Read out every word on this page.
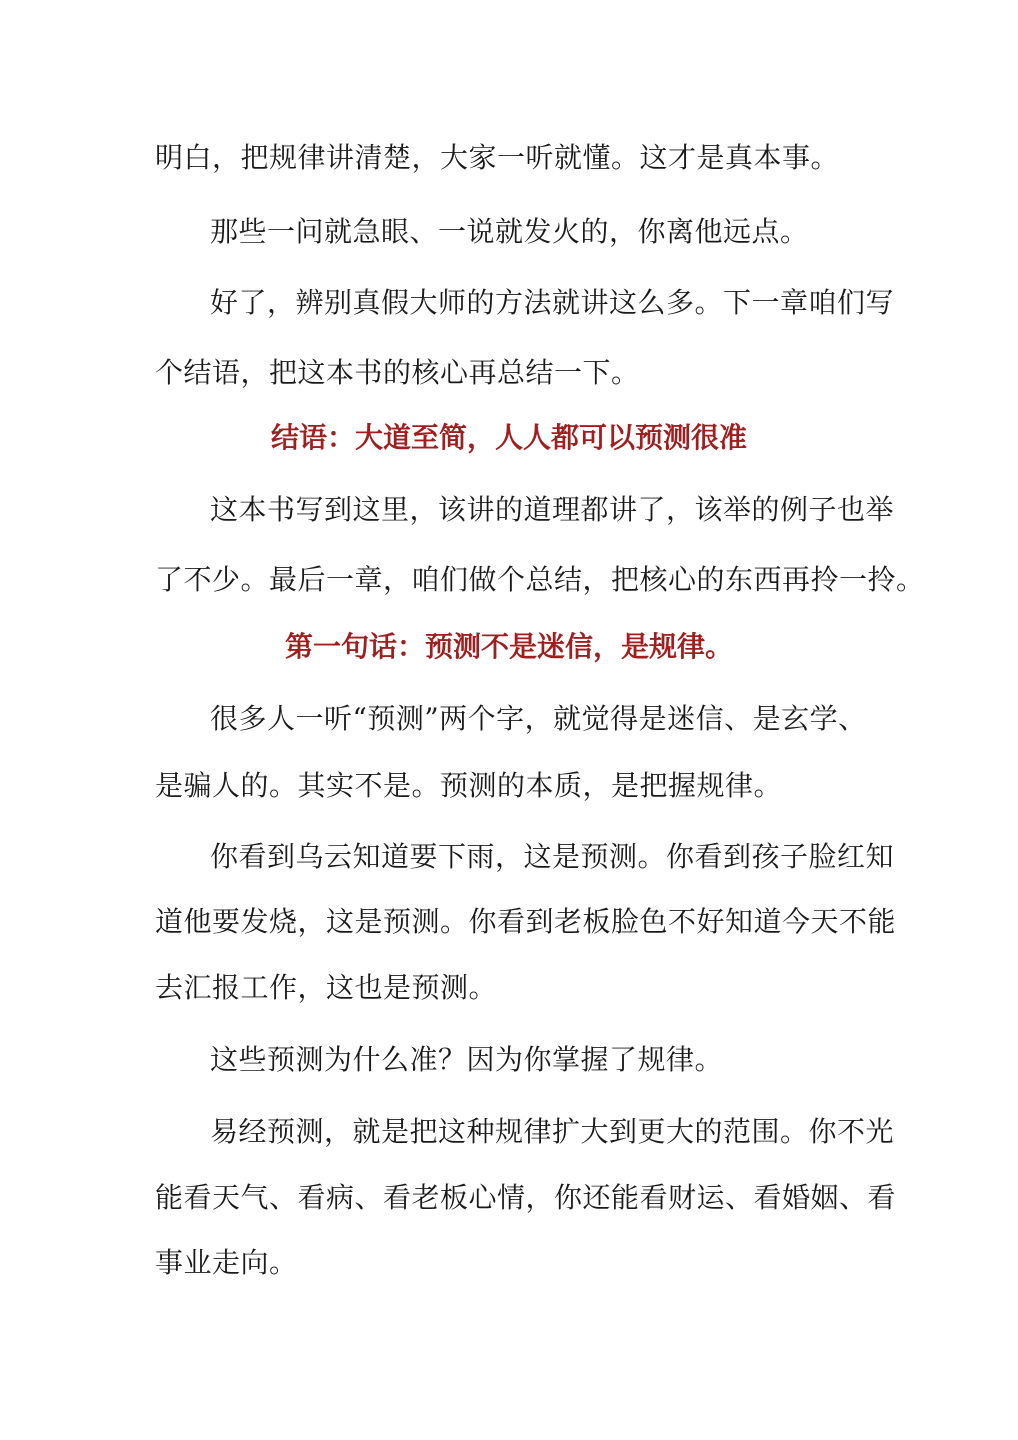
明白，把规律讲清楚，大家一听就懂。这才是真本事。
那些一问就急眼、一说就发火的，你离他远点。
好了，辨别真假大师的方法就讲这么多。下一章咱们写
个结语，把这本书的核心再总结一下。
结语：大道至简，人人都可以预测很准
这本书写到这里，该讲的道理都讲了，该举的例子也举
了不少。最后一章，咱们做个总结，把核心的东西再拎一拎。
第一句话：预测不是迷信，是规律。
很多人一听“预测”两个字，就觉得是迷信、是玄学、
是骗人的。其实不是。预测的本质，是把握规律。
你看到乌云知道要下雨，这是预测。你看到孩子脸红知
道他要发烧，这是预测。你看到老板脸色不好知道今天不能
去汇报工作，这也是预测。
这些预测为什么准？因为你掌握了规律。
易经预测，就是把这种规律扩大到更大的范围。你不光
能看天气、看病、看老板心情，你还能看财运、看婚姻、看
事业走向。
